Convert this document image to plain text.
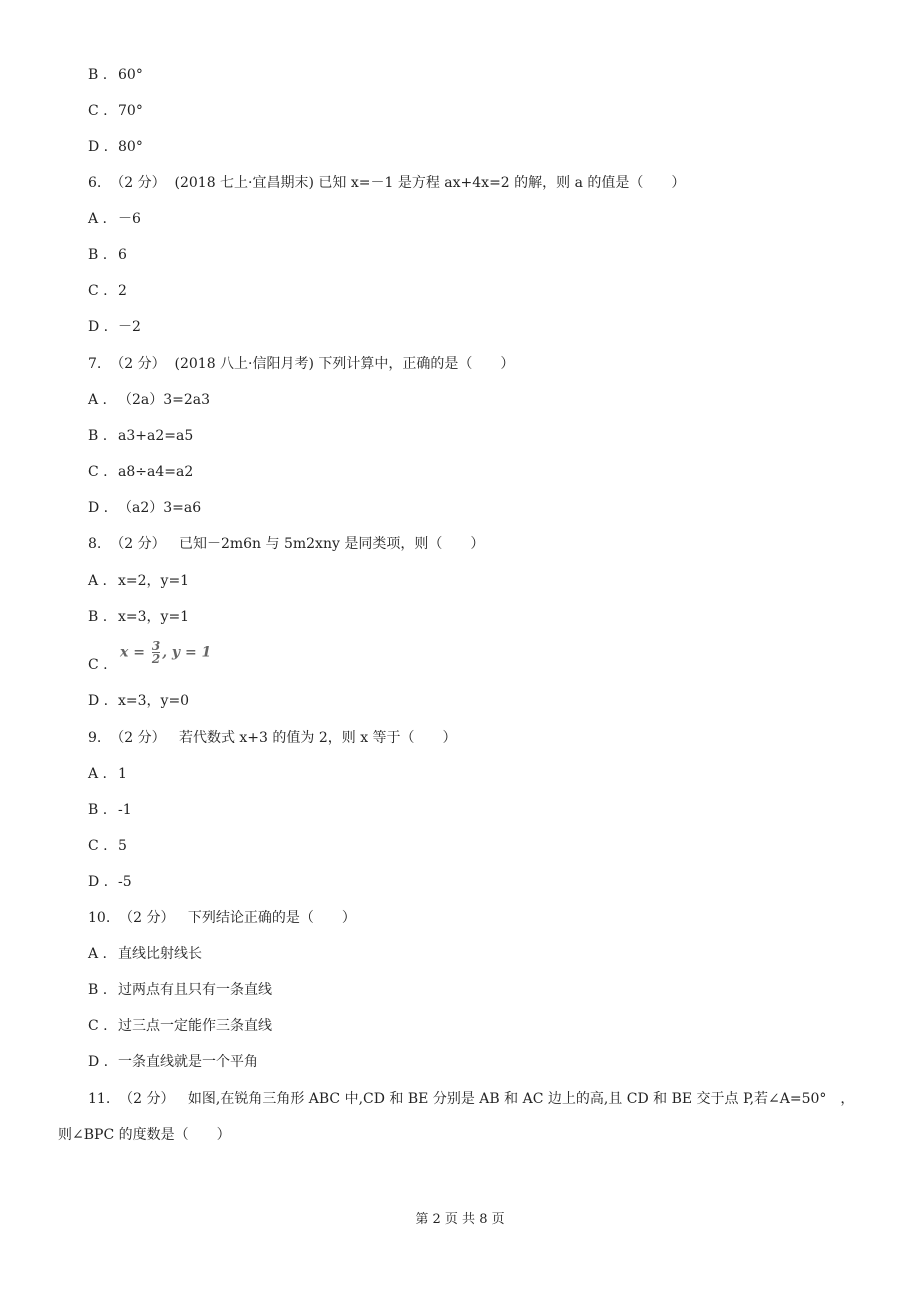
B . 60°
C . 70°
D . 80°
6.  （2 分）  (2018 七上·宜昌期末) 已知 x=－1 是方程 ax+4x=2 的解，则 a 的值是（　　）
A . －6
B . 6
C . 2
D . －2
7.  （2 分）  (2018 八上·信阳月考) 下列计算中，正确的是（　　）
A . （2a）3=2a3
B . a3+a2=a5
C . a8÷a4=a2
D . （a2）3=a6
8.  （2 分）   已知－2m6n 与 5m2xny 是同类项，则（　　）
A . x=2，y=1
B . x=3，y=1
C .
$x = \frac{3}{2}$ , y = 1
D . x=3，y=0
9.  （2 分）   若代数式 x+3 的值为 2，则 x 等于（　　）
A . 1
B . -1
C . 5
D . -5
10.  （2 分）   下列结论正确的是（　　）
A . 直线比射线长
B . 过两点有且只有一条直线
C . 过三点一定能作三条直线
D . 一条直线就是一个平角
11.  （2 分）   如图,在锐角三角形 ABC 中,CD 和 BE 分别是 AB 和 AC 边上的高,且 CD 和 BE 交于点 P,若∠A=50°　，
则∠BPC 的度数是（　　）
第 2 页 共 8 页
